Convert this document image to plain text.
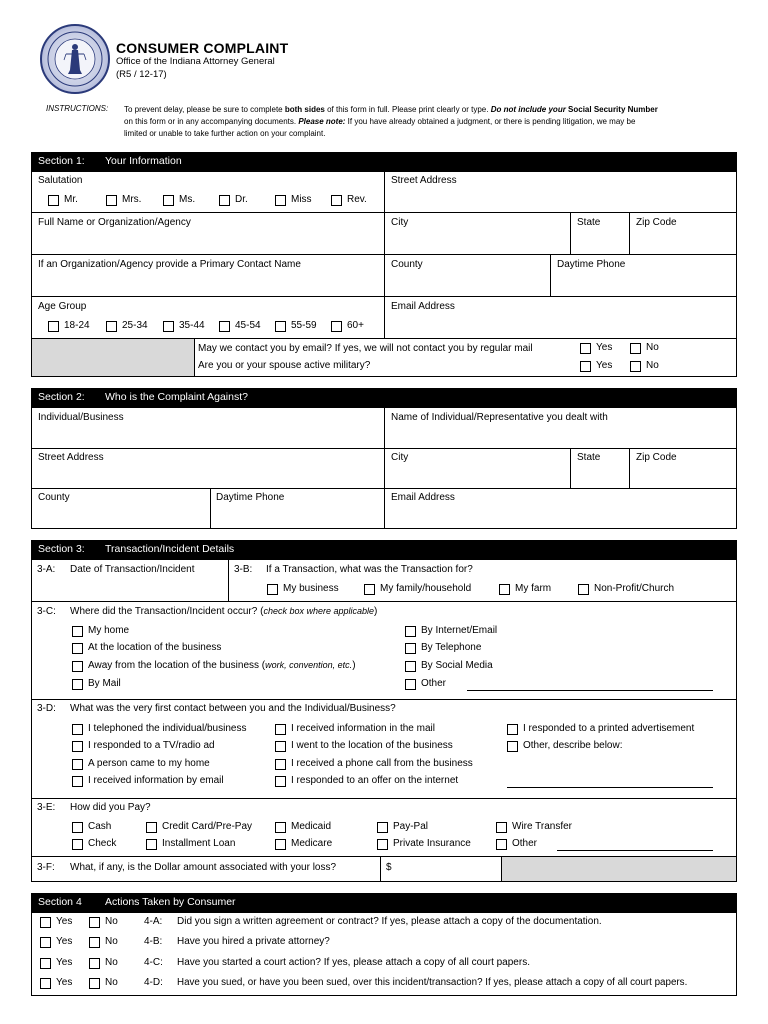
CONSUMER COMPLAINT
Office of the Indiana Attorney General
(R5 / 12-17)
INSTRUCTIONS: To prevent delay, please be sure to complete both sides of this form in full. Please print clearly or type. Do not include your Social Security Number
on this form or in any accompanying documents. Please note: If you have already obtained a judgment, or there is pending litigation, we may be
limited or unable to take further action on your complaint.
Section 1: Your Information
Salutation
Mr.	Mrs.	Ms.	Dr.	Miss	Rev.
Street Address
Full Name or Organization/Agency	City	State	Zip Code
If an Organization/Agency provide a Primary Contact Name	County	Daytime Phone
Age Group
18-24	25-34	35-44	45-54	55-59	60+
Email Address
May we contact you by email? If yes, we will not contact you by regular mail	Yes	No
Are you or your spouse active military?	Yes	No
Section 2: Who is the Complaint Against?
Individual/Business	Name of Individual/Representative you dealt with
Street Address	City	State	Zip Code
County	Daytime Phone	Email Address
Section 3: Transaction/Incident Details
3-A: Date of Transaction/Incident	3-B: If a Transaction, what was the Transaction for?
My business	My family/household	My farm	Non-Profit/Church
3-C: Where did the Transaction/Incident occur? (check box where applicable)
My home
At the location of the business
Away from the location of the business (work, convention, etc.)
By Mail
By Internet/Email
By Telephone
By Social Media
Other
3-D: What was the very first contact between you and the Individual/Business?
I telephoned the individual/business
I responded to a TV/radio ad
A person came to my home
I received information by email
I received information in the mail
I went to the location of the business
I received a phone call from the business
I responded to an offer on the internet
I responded to a printed advertisement
Other, describe below:
3-E: How did you Pay?
Cash	Credit Card/Pre-Pay	Medicaid	Pay-Pal	Wire Transfer
Check	Installment Loan	Medicare	Private Insurance	Other
3-F: What, if any, is the Dollar amount associated with your loss?	$
Section 4 Actions Taken by Consumer
Yes	No	4-A: Did you sign a written agreement or contract? If yes, please attach a copy of the documentation.
Yes	No	4-B: Have you hired a private attorney?
Yes	No	4-C: Have you started a court action? If yes, please attach a copy of all court papers.
Yes	No	4-D: Have you sued, or have you been sued, over this incident/transaction? If yes, please attach a copy of all court papers.
